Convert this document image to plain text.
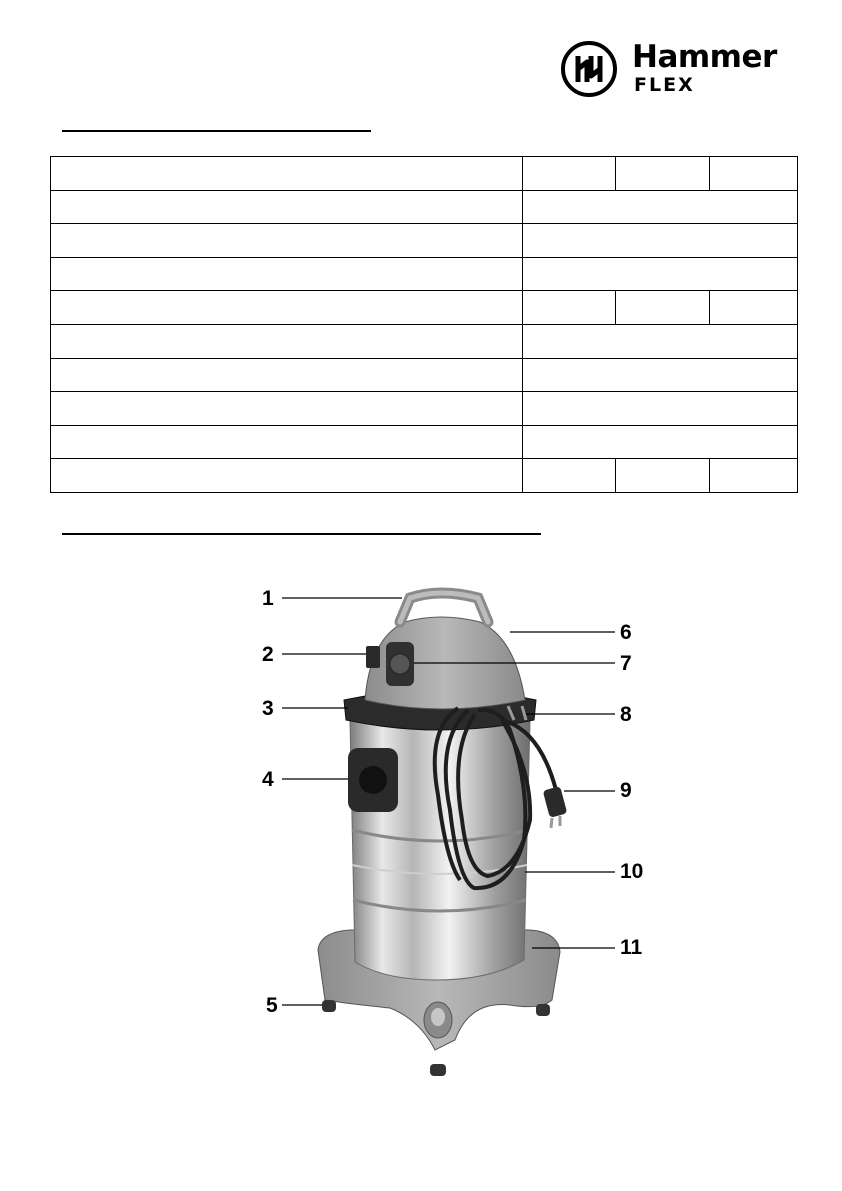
Hammer
FLEX

1
2
3
4
5
6
7
8
9
10
11
